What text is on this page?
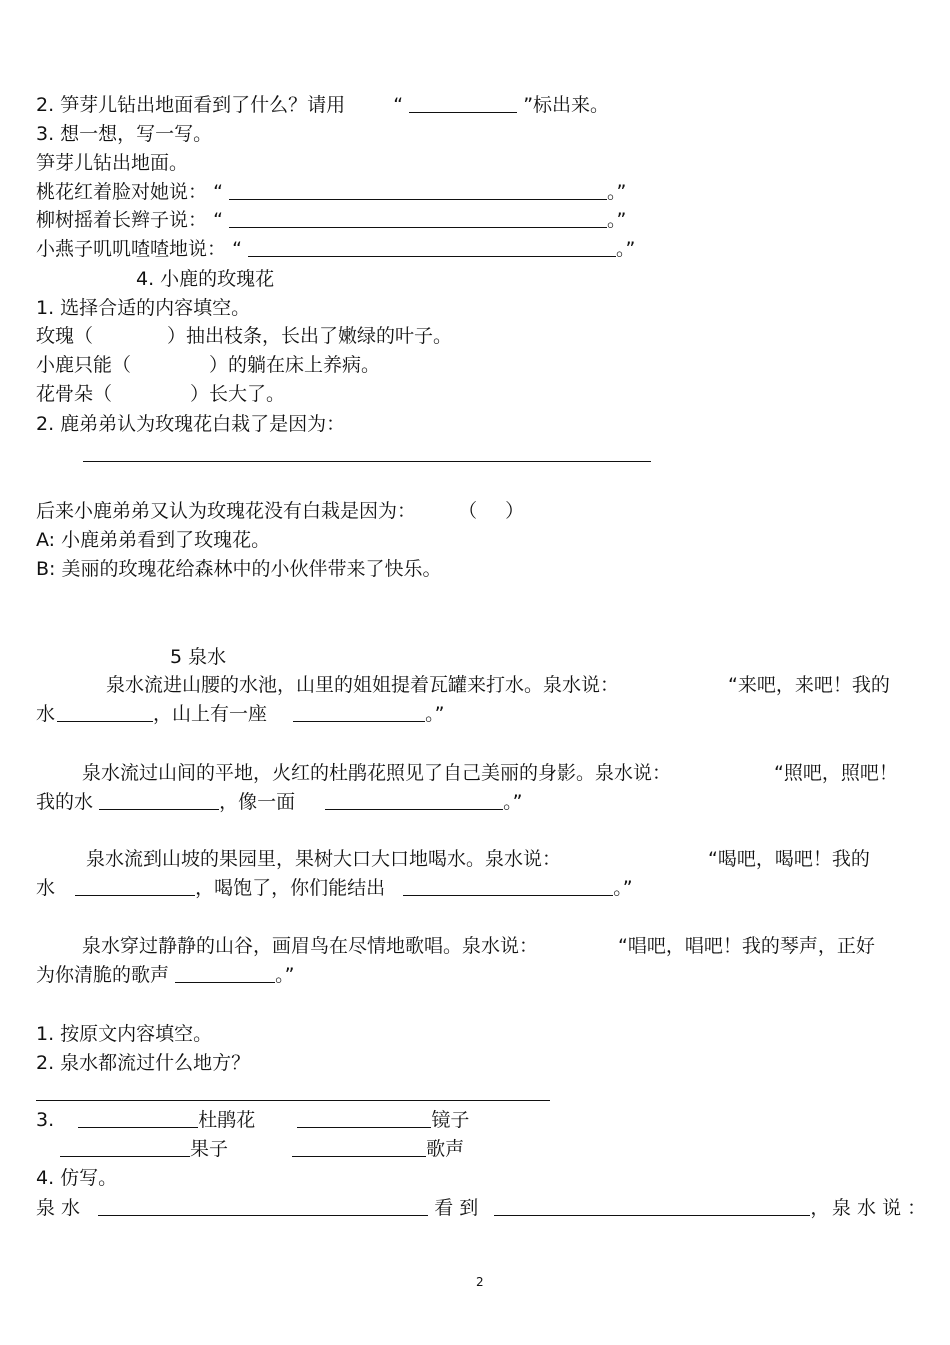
2. 笋芽儿钻出地面看到了什么？请用	“	”标出来。
3. 想一想，写一写。
笋芽儿钻出地面。
桃花红着脸对她说： “	。”
柳树摇着长辫子说： “	。”
小燕子叽叽喳喳地说： “	。”
4. 小鹿的玫瑰花
1. 选择合适的内容填空。
玫瑰（	）抽出枝条，长出了嫩绿的叶子。
小鹿只能（	）的躺在床上养病。
花骨朵（	）长大了。
2. 鹿弟弟认为玫瑰花白栽了是因为：
后来小鹿弟弟又认为玫瑰花没有白栽是因为： （ ）
A: 小鹿弟弟看到了玫瑰花。
B: 美丽的玫瑰花给森林中的小伙伴带来了快乐。
5 泉水
泉水流进山腰的水池，山里的姐姐提着瓦罐来打水。泉水说：	“来吧，来吧！我的
水	，山上有一座	。”
泉水流过山间的平地，火红的杜鹃花照见了自己美丽的身影。泉水说：	“照吧，照吧！
我的水	，像一面	。”
泉水流到山坡的果园里，果树大口大口地喝水。泉水说：	“喝吧，喝吧！我的
水	，喝饱了，你们能结出	。”
泉水穿过静静的山谷，画眉鸟在尽情地歌唱。泉水说：	“唱吧，唱吧！我的琴声，正好
为你清脆的歌声	。”
1. 按原文内容填空。
2. 泉水都流过什么地方？
3.	杜鹃花	镜子
果子	歌声
4. 仿写。
泉 水	看 到	， 泉 水 说 ：
2
